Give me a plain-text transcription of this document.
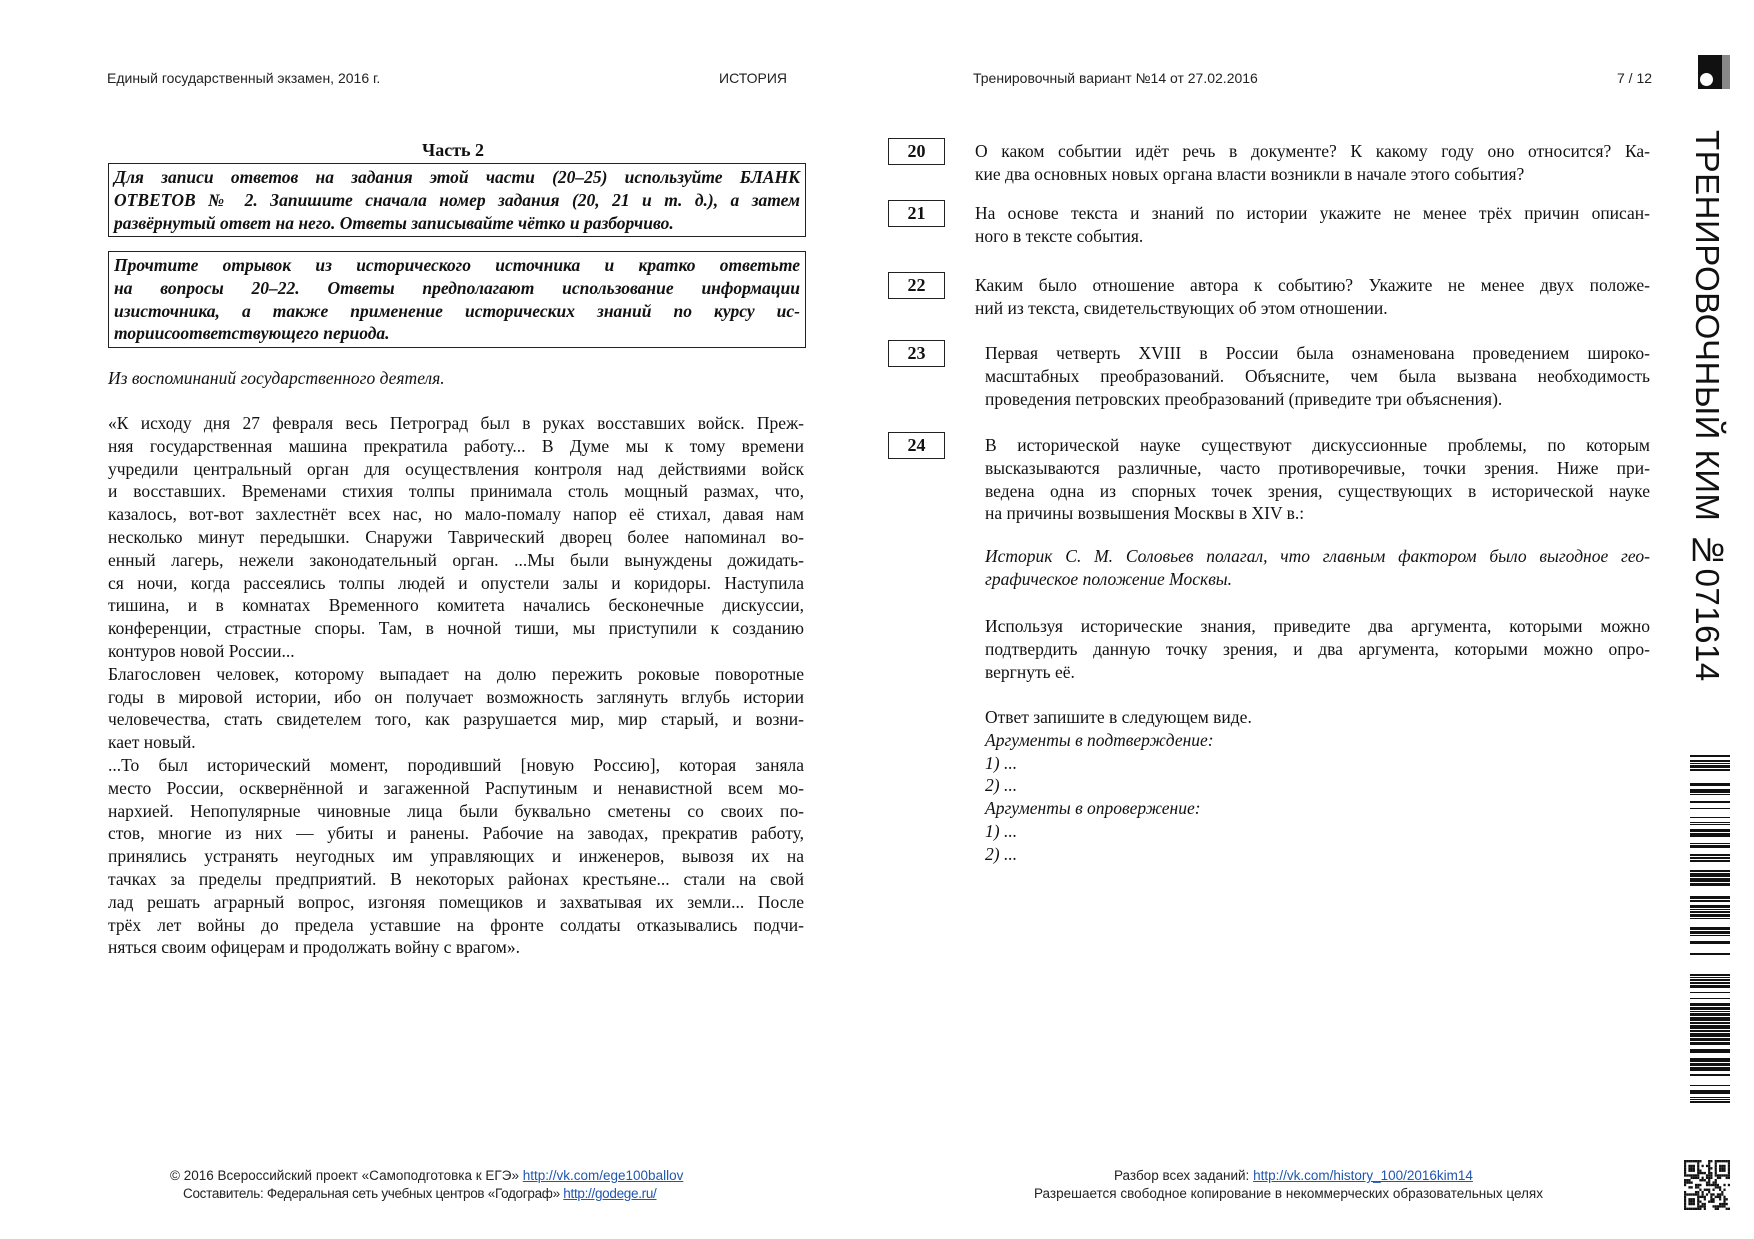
Единый государственный экзамен, 2016 г.	ИСТОРИЯ	Тренировочный вариант №14 от 27.02.2016	7 / 12
Часть 2
Для записи ответов на задания этой части (20–25) используйте БЛАНК
ОТВЕТОВ № 2. Запишите сначала номер задания (20, 21 и т. д.), а затем
развёрнутый ответ на него. Ответы записывайте чётко и разборчиво.
Прочтите отрывок из исторического источника и кратко ответьте
на вопросы 20–22. Ответы предполагают использование информации
изисточника, а также применение исторических знаний по курсу ис-
ториисоответствующего периода.
Из воспоминаний государственного деятеля.
«К исходу дня 27 февраля весь Петроград был в руках восставших войск. Преж-
няя государственная машина прекратила работу... В Думе мы к тому времени
учредили центральный орган для осуществления контроля над действиями войск
и восставших. Временами стихия толпы принимала столь мощный размах, что,
казалось, вот-вот захлестнёт всех нас, но мало-помалу напор её стихал, давая нам
несколько минут передышки. Снаружи Таврический дворец более напоминал во-
енный лагерь, нежели законодательный орган. ...Мы были вынуждены дожидать-
ся ночи, когда рассеялись толпы людей и опустели залы и коридоры. Наступила
тишина, и в комнатах Временного комитета начались бесконечные дискуссии,
конференции, страстные споры. Там, в ночной тиши, мы приступили к созданию
контуров новой России...
Благословен человек, которому выпадает на долю пережить роковые поворотные
годы в мировой истории, ибо он получает возможность заглянуть вглубь истории
человечества, стать свидетелем того, как разрушается мир, мир старый, и возни-
кает новый.
...То был исторический момент, породивший [новую Россию], которая заняла
место России, осквернённой и загаженной Распутиным и ненавистной всем мо-
нархией. Непопулярные чиновные лица были буквально сметены со своих по-
стов, многие из них — убиты и ранены. Рабочие на заводах, прекратив работу,
принялись устранять неугодных им управляющих и инженеров, вывозя их на
тачках за пределы предприятий. В некоторых районах крестьяне... стали на свой
лад решать аграрный вопрос, изгоняя помещиков и захватывая их земли... После
трёх лет войны до предела уставшие на фронте солдаты отказывались подчи-
няться своим офицерам и продолжать войну с врагом».
20	О каком событии идёт речь в документе? К какому году оно относится? Ка-
кие два основных новых органа власти возникли в начале этого события?
21	На основе текста и знаний по истории укажите не менее трёх причин описан-
ного в тексте события.
22	Каким было отношение автора к событию? Укажите не менее двух положе-
ний из текста, свидетельствующих об этом отношении.
23	Первая четверть XVIII в России была ознаменована проведением широко-
масштабных преобразований. Объясните, чем была вызвана необходимость
проведения петровских преобразований (приведите три объяснения).
24	В исторической науке существуют дискуссионные проблемы, по которым
высказываются различные, часто противоречивые, точки зрения. Ниже при-
ведена одна из спорных точек зрения, существующих в исторической науке
на причины возвышения Москвы в XIV в.:
Историк С. М. Соловьев полагал, что главным фактором было выгодное гео-
графическое положение Москвы.
Используя исторические знания, приведите два аргумента, которыми можно
подтвердить данную точку зрения, и два аргумента, которыми можно опро-
вергнуть её.
Ответ запишите в следующем виде.
Аргументы в подтверждение:
1) ...
2) ...
Аргументы в опровержение:
1) ...
2) ...
ТРЕНИРОВОЧНЫЙ КИМ №071614
© 2016 Всероссийский проект «Самоподготовка к ЕГЭ» http://vk.com/ege100ballov
Составитель: Федеральная сеть учебных центров «Годограф» http://godege.ru/
Разбор всех заданий: http://vk.com/history_100/2016kim14
Разрешается свободное копирование в некоммерческих образовательных целях
